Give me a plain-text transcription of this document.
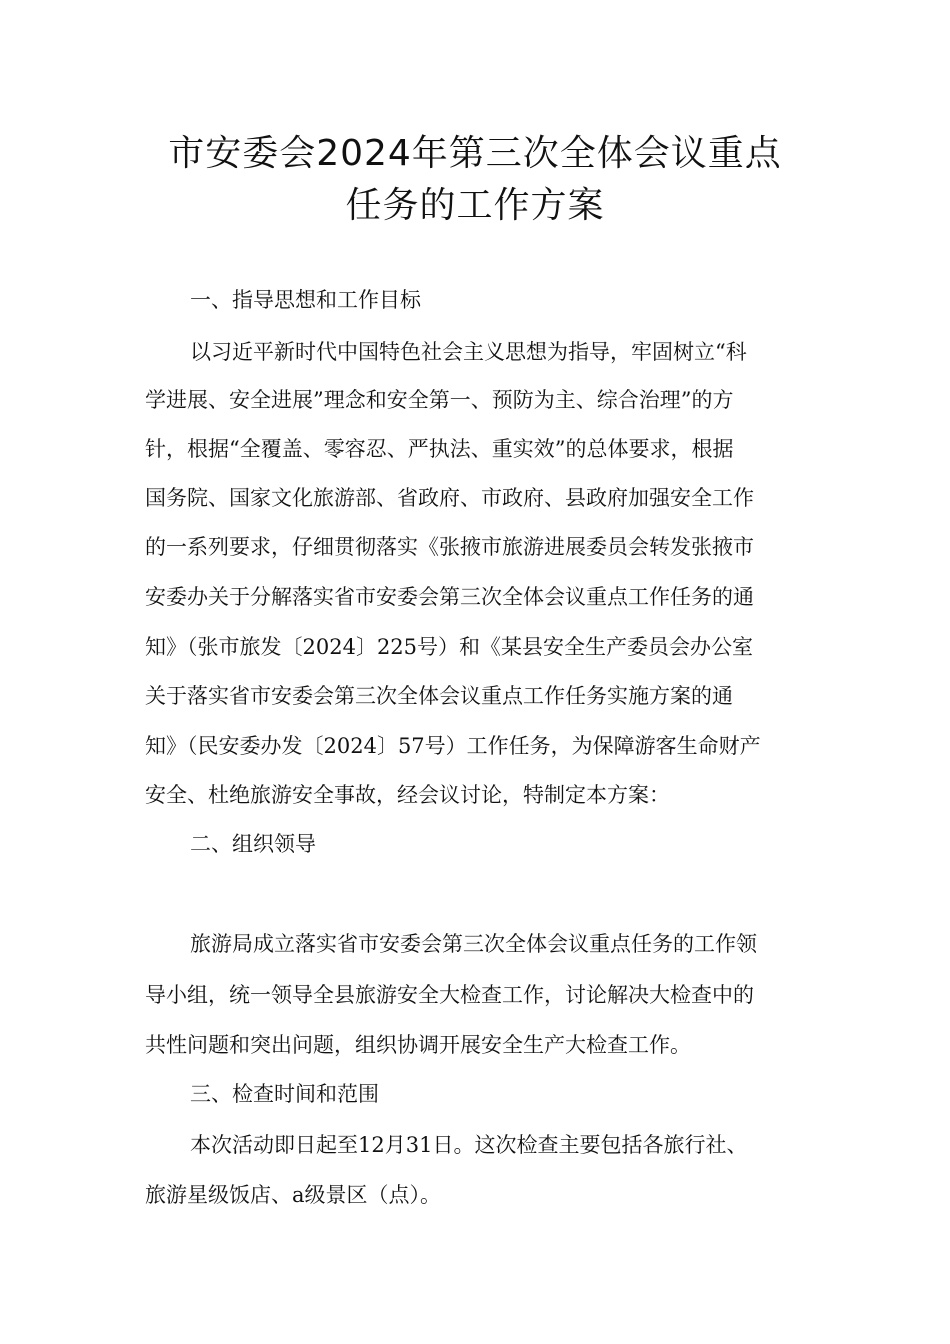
市安委会2024年第三次全体会议重点
任务的工作方案
一、指导思想和工作目标
以习近平新时代中国特色社会主义思想为指导，牢固树立“科
学进展、安全进展”理念和安全第一、预防为主、综合治理”的方
针，根据“全覆盖、零容忍、严执法、重实效”的总体要求，根据
国务院、国家文化旅游部、省政府、市政府、县政府加强安全工作
的一系列要求，仔细贯彻落实《张掖市旅游进展委员会转发张掖市
安委办关于分解落实省市安委会第三次全体会议重点工作任务的通
知》（张市旅发〔2024〕225号）和《某县安全生产委员会办公室
关于落实省市安委会第三次全体会议重点工作任务实施方案的通
知》（民安委办发〔2024〕57号）工作任务，为保障游客生命财产
安全、杜绝旅游安全事故，经会议讨论，特制定本方案：
二、组织领导
旅游局成立落实省市安委会第三次全体会议重点任务的工作领
导小组，统一领导全县旅游安全大检查工作，讨论解决大检查中的
共性问题和突出问题，组织协调开展安全生产大检查工作。
三、检查时间和范围
本次活动即日起至12月31日。这次检查主要包括各旅行社、
旅游星级饭店、a级景区（点）。
